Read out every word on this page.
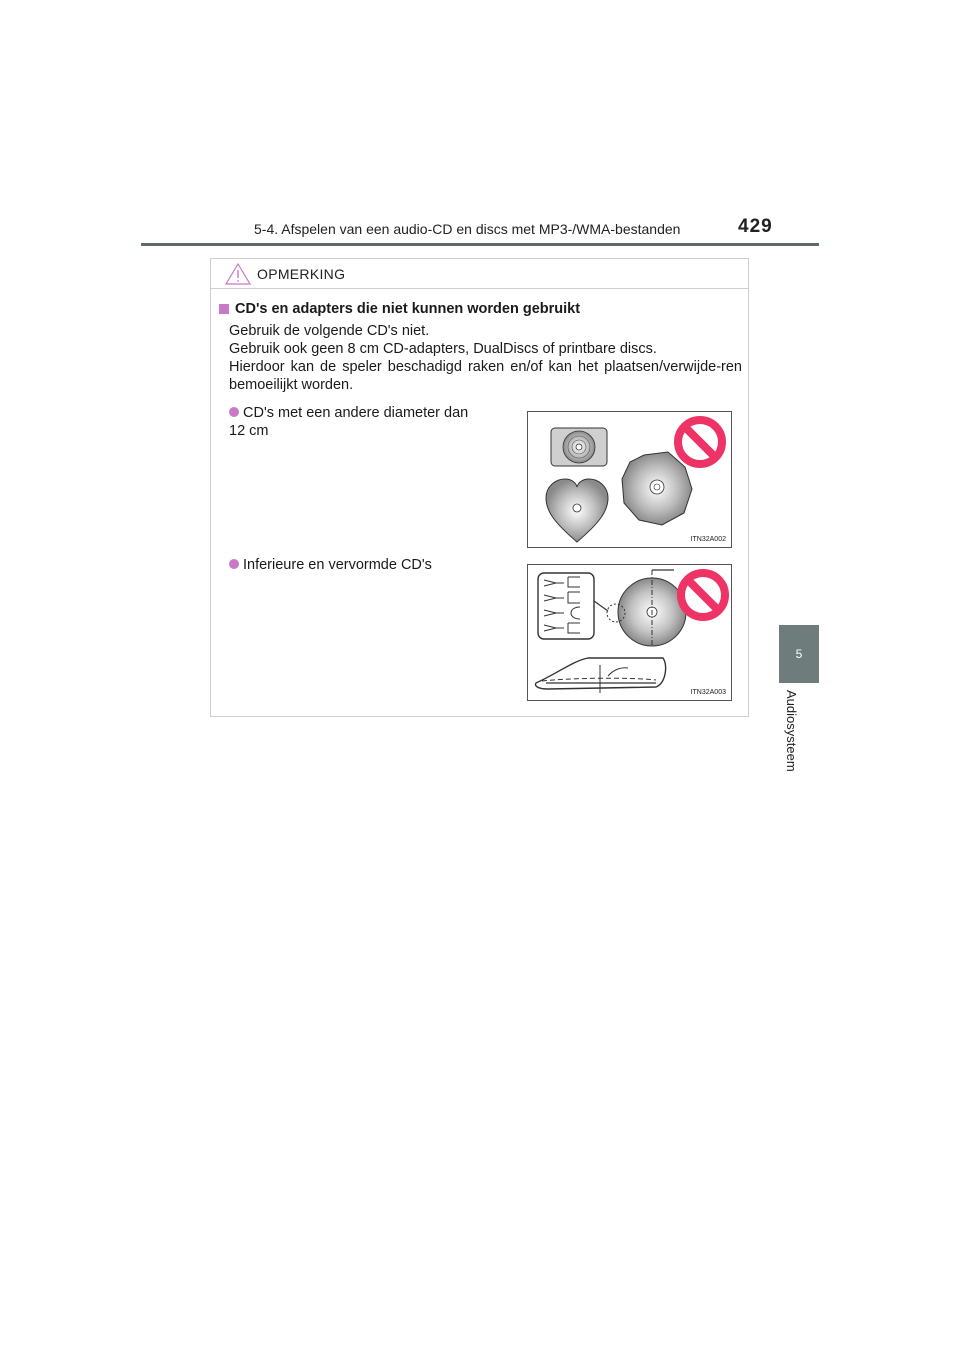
5-4. Afspelen van een audio-CD en discs met MP3-/WMA-bestanden	429
5
Audiosysteem
OPMERKING
CD's en adapters die niet kunnen worden gebruikt
Gebruik de volgende CD's niet.
Gebruik ook geen 8 cm CD-adapters, DualDiscs of printbare discs.
Hierdoor kan de speler beschadigd raken en/of kan het plaatsen/verwijde-ren bemoeilijkt worden.
CD's met een andere diameter dan
12 cm
ITN32A002
Inferieure en vervormde CD's
ITN32A003
